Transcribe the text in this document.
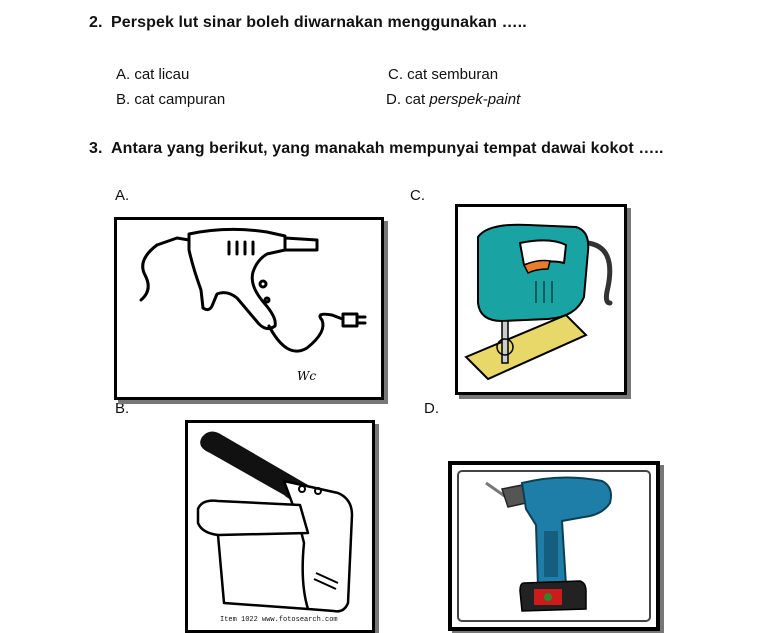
2. Perspek lut sinar boleh diwarnakan menggunakan …..
A. cat licau
B. cat campuran
C. cat semburan
D. cat perspek-paint
3. Antara yang berikut, yang manakah mempunyai tempat dawai kokot …..
A.	C.
B.	D.
Wc
Item 1022 www.fotosearch.com
